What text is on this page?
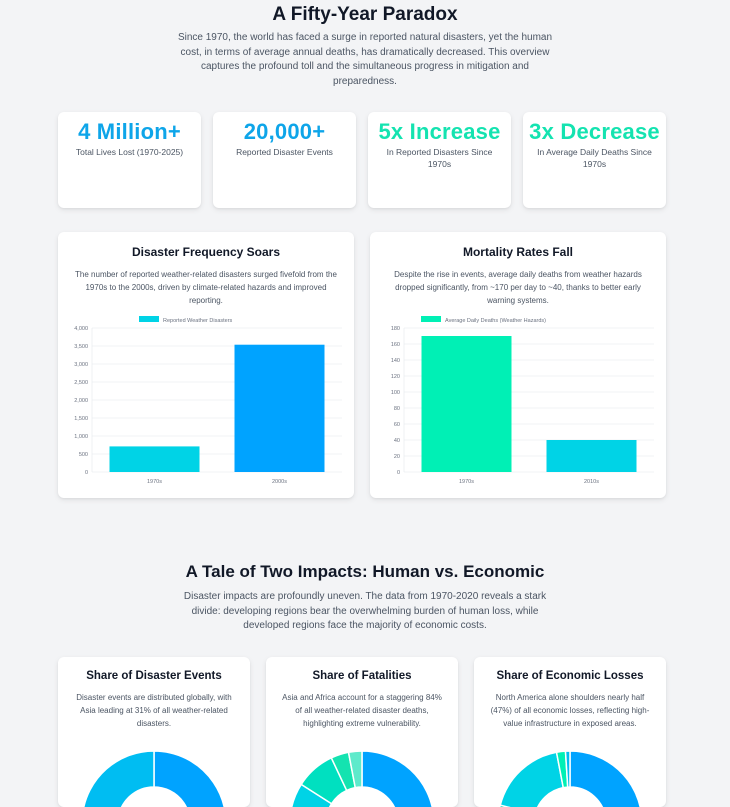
A Fifty-Year Paradox

Since 1970, the world has faced a surge in reported natural disasters, yet the human cost, in terms of average annual deaths, has dramatically decreased. This overview captures the profound toll and the simultaneous progress in mitigation and preparedness.

4 Million+
Total Lives Lost (1970-2025)
20,000+
Reported Disaster Events
5x Increase
In Reported Disasters Since 1970s
3x Decrease
In Average Daily Deaths Since 1970s
Disaster Frequency Soars
The number of reported weather-related disasters surged fivefold from the 1970s to the 2000s, driven by climate-related hazards and improved reporting.
Reported Weather Disasters
0
500
1,000
1,500
2,000
2,500
3,000
3,500
4,000
1970s	2000s
Mortality Rates Fall
Despite the rise in events, average daily deaths from weather hazards dropped significantly, from ~170 per day to ~40, thanks to better early warning systems.
Average Daily Deaths (Weather Hazards)
0
20
40
60
80
100
120
140
160
180
1970s	2010s
A Tale of Two Impacts: Human vs. Economic

Disaster impacts are profoundly uneven. The data from 1970-2020 reveals a stark divide: developing regions bear the overwhelming burden of human loss, while developed regions face the majority of economic costs.

Share of Disaster Events
Disaster events are distributed globally, with Asia leading at 31% of all weather-related disasters.
Share of Fatalities
Asia and Africa account for a staggering 84% of all weather-related disaster deaths, highlighting extreme vulnerability.
Share of Economic Losses
North America alone shoulders nearly half (47%) of all economic losses, reflecting high-value infrastructure in exposed areas.
